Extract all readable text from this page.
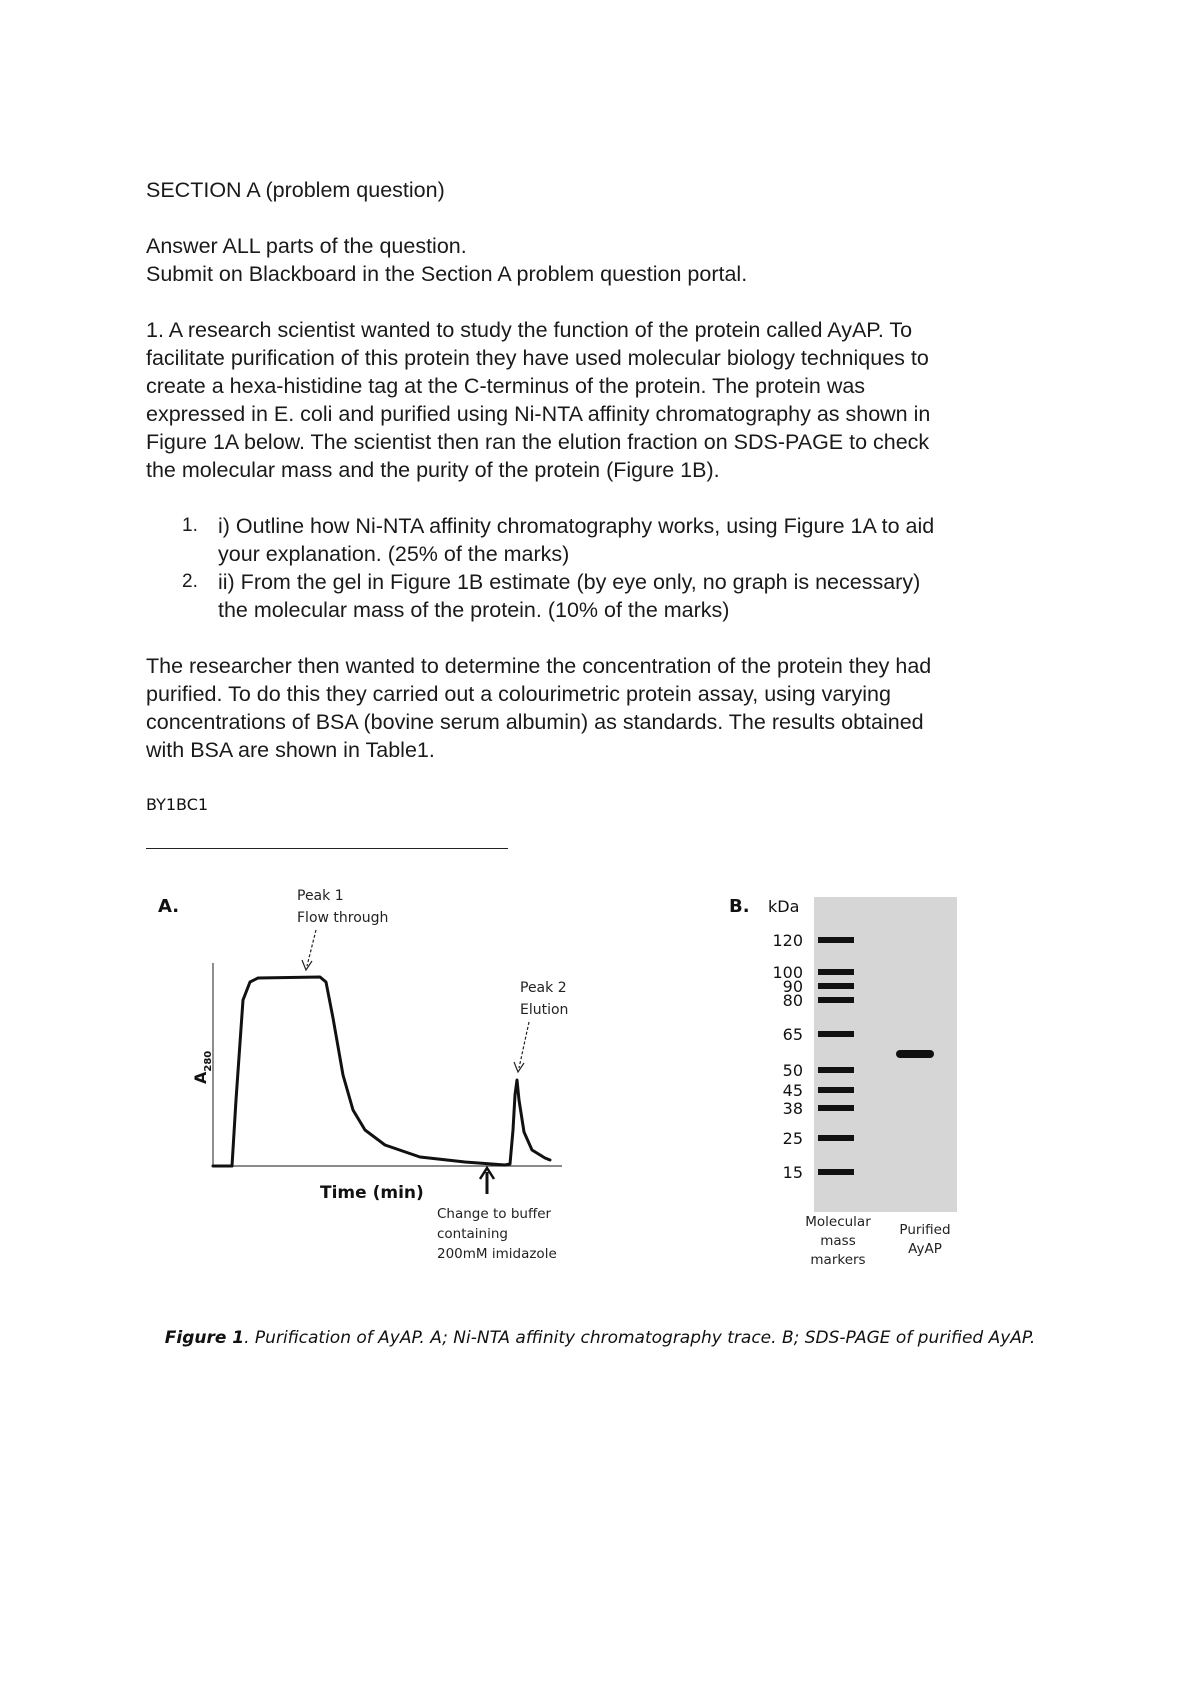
SECTION A (problem question)

Answer ALL parts of the question.

Submit on Blackboard in the Section A problem question portal.

1. A research scientist wanted to study the function of the protein called AyAP. To

facilitate purification of this protein they have used molecular biology techniques to

create a hexa-histidine tag at the C-terminus of the protein. The protein was

expressed in E. coli and purified using Ni-NTA affinity chromatography as shown in

Figure 1A below. The scientist then ran the elution fraction on SDS-PAGE to check

the molecular mass and the purity of the protein (Figure 1B).

1. i) Outline how Ni-NTA affinity chromatography works, using Figure 1A to aid
your explanation. (25% of the marks)
2. ii) From the gel in Figure 1B estimate (by eye only, no graph is necessary)
the molecular mass of the protein. (10% of the marks)

The researcher then wanted to determine the concentration of the protein they had

purified. To do this they carried out a colourimetric protein assay, using varying

concentrations of BSA (bovine serum albumin) as standards. The results obtained

with BSA are shown in Table1.

BY1BC1
A.
$A_{280}$
Peak 1
Flow through
Peak 2
Elution
Time (min)
Change to buffer
containing
200mM imidazole
B. kDa
120
100
90
80
65
50
45
38
25
15
Molecular
mass
markers
Purified
AyAP
Figure 1. Purification of AyAP. A; Ni-NTA affinity chromatography trace. B; SDS-PAGE of purified AyAP.
